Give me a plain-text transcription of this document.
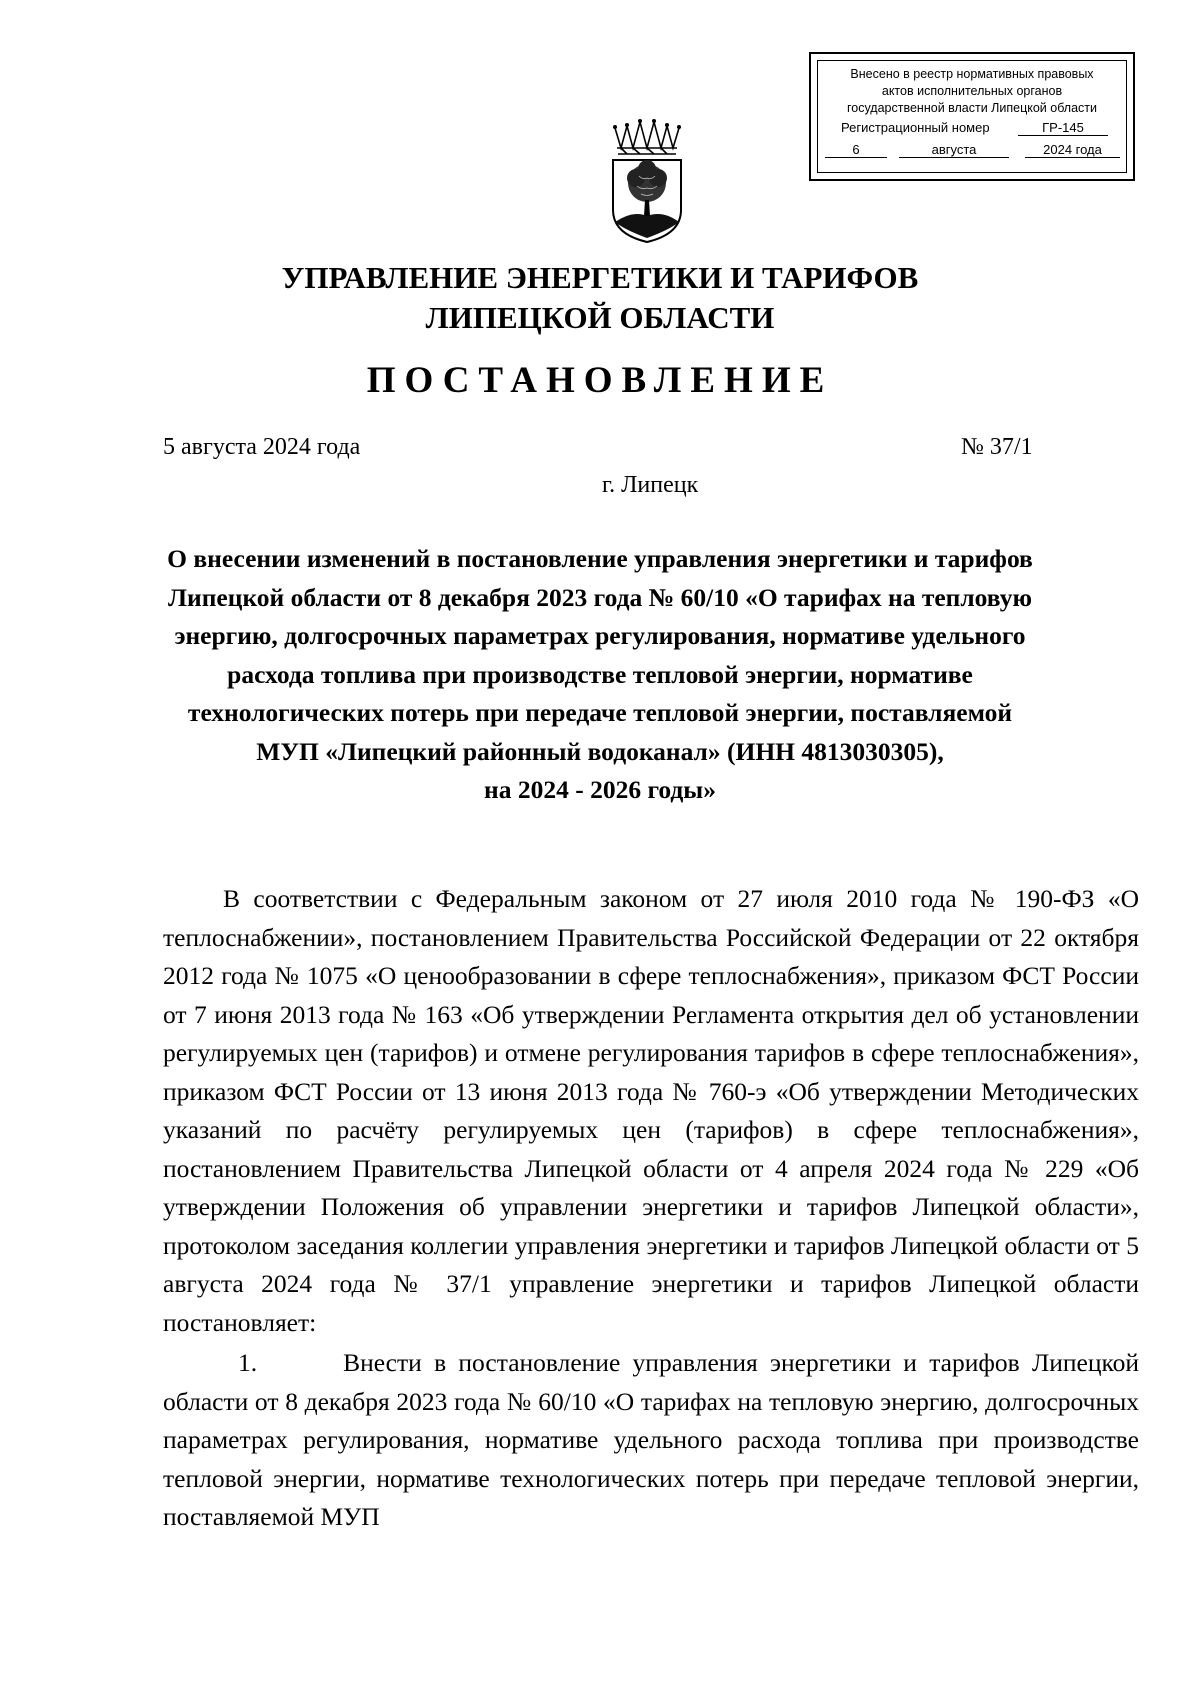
Внесено в реестр нормативных правовых
актов исполнительных органов
государственной власти Липецкой области
Регистрационный номер	ГР-145
6	августа	2024 года
УПРАВЛЕНИЕ ЭНЕРГЕТИКИ И ТАРИФОВ
ЛИПЕЦКОЙ ОБЛАСТИ
ПОСТАНОВЛЕНИЕ
5 августа 2024 года	№ 37/1
г. Липецк
О внесении изменений в постановление управления энергетики и тарифов
Липецкой области от 8 декабря 2023 года № 60/10 «О тарифах на тепловую
энергию, долгосрочных параметрах регулирования, нормативе удельного
расхода топлива при производстве тепловой энергии, нормативе
технологических потерь при передаче тепловой энергии, поставляемой
МУП «Липецкий районный водоканал» (ИНН 4813030305),
на 2024 - 2026 годы»

В соответствии с Федеральным законом от 27 июля 2010 года № 190-ФЗ «О теплоснабжении», постановлением Правительства Российской Федерации от 22 октября 2012 года № 1075 «О ценообразовании в сфере теплоснабжения», приказом ФСТ России от 7 июня 2013 года № 163 «Об утверждении Регламента открытия дел об установлении регулируемых цен (тарифов) и отмене регулирования тарифов в сфере теплоснабжения», приказом ФСТ России от 13 июня 2013 года № 760-э «Об утверждении Методических указаний по расчёту регулируемых цен (тарифов) в сфере теплоснабжения», постановлением Правительства Липецкой области от 4 апреля 2024 года № 229 «Об утверждении Положения об управлении энергетики и тарифов Липецкой области», протоколом заседания коллегии управления энергетики и тарифов Липецкой области от 5 августа 2024 года № 37/1 управление энергетики и тарифов Липецкой области постановляет:

1.	Внести в постановление управления энергетики и тарифов Липецкой области от 8 декабря 2023 года № 60/10 «О тарифах на тепловую энергию, долгосрочных параметрах регулирования, нормативе удельного расхода топлива при производстве тепловой энергии, нормативе технологических потерь при передаче тепловой энергии, поставляемой МУП
